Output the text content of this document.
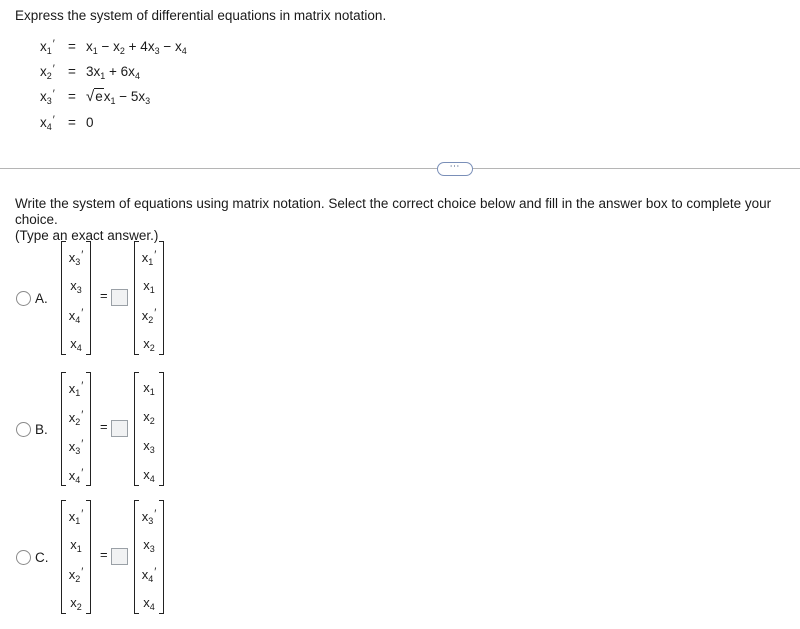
Express the system of differential equations in matrix notation.
$x_1' = x_1 - x_2 + 4x_3 - x_4$
$x_2' = 3x_1 + 6x_4$
$x_3' = √ex_1 - 5x_3$
$x_4' = 0$
⋯
Write the system of equations using matrix notation. Select the correct choice below and fill in the answer box to complete your choice.
(Type an exact answer.)
A.
$x_3'$
$x_3$
$x_4'$
$x_4$
=
$x_1'$
$x_1$
$x_2'$
$x_2$
B.
$x_1'$
$x_2'$
$x_3'$
$x_4'$
=
$x_1$
$x_2$
$x_3$
$x_4$
C.
$x_1'$
$x_1$
$x_2'$
$x_2$
=
$x_3'$
$x_3$
$x_4'$
$x_4$
